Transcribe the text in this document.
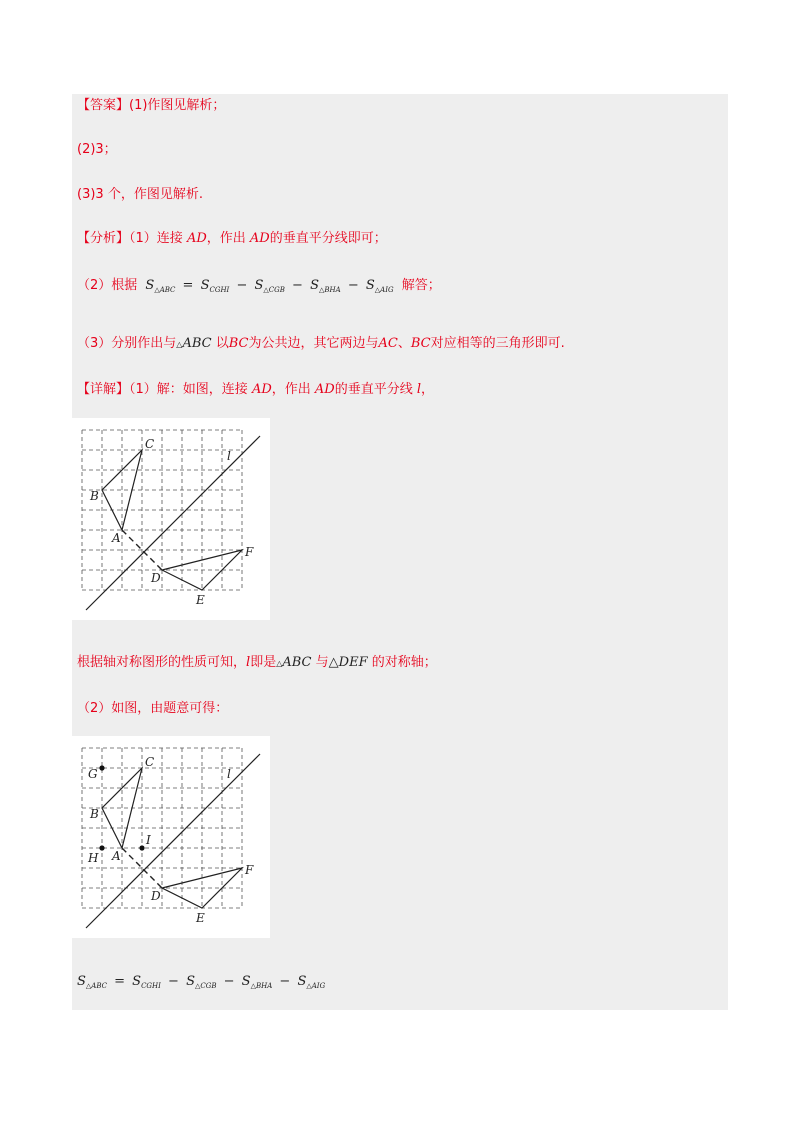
【答案】(1)作图见解析；
(2)3；
(3)3 个，作图见解析.
【分析】（1）连接 AD，作出 AD的垂直平分线即可；
（2）根据 $S_{\triangle ABC} = S_{CGHI} - S_{\triangle CGB} - S_{\triangle BHA} - S_{\triangle AIG}$ 解答；
（3）分别作出与△ABC 以BC为公共边，其它两边与AC、BC对应相等的三角形即可.
【详解】（1）解：如图，连接 AD，作出 AD的垂直平分线 l，
C
B
A
D
E
F
l
根据轴对称图形的性质可知，l即是△ABC 与△DEF 的对称轴；
（2）如图，由题意可得：
C
B
A
D
E
F
l
G
H
I
$S_{\triangle ABC} = S_{CGHI} - S_{\triangle CGB} - S_{\triangle BHA} - S_{\triangle AIG}$
